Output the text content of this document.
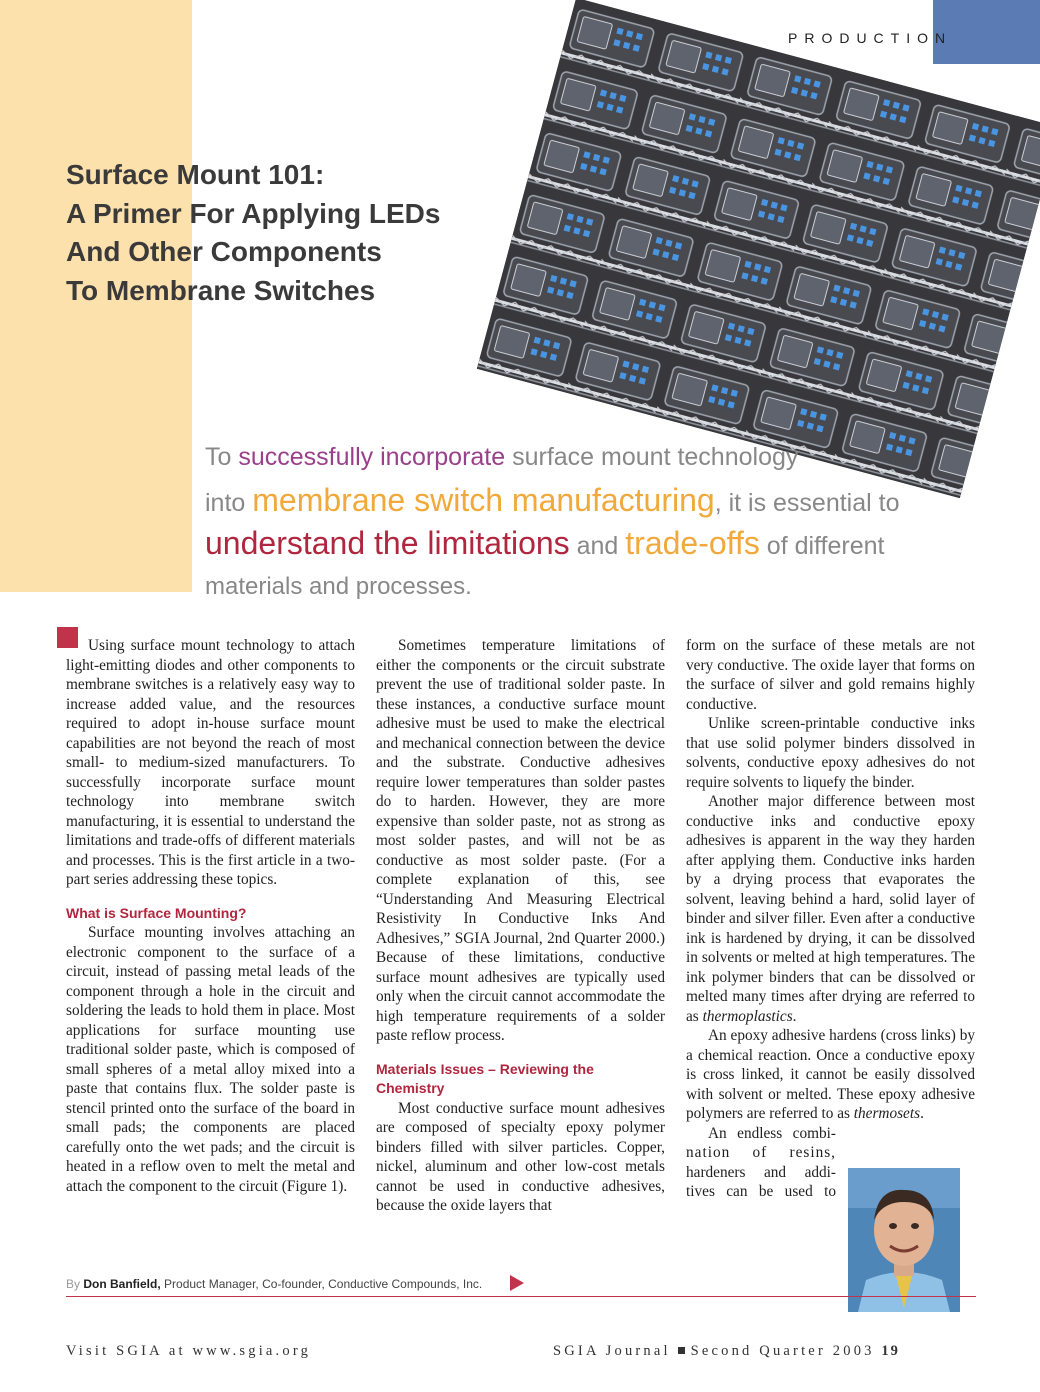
PRODUCTION
Surface Mount 101:
A Primer For Applying LEDs
And Other Components
To Membrane Switches
To successfully incorporate surface mount technology
into membrane switch manufacturing, it is essential to
understand the limitations and trade-offs of different
materials and processes.

Using surface mount technology to attach light-emitting diodes and other components to membrane switches is a relatively easy way to increase added value, and the resources required to adopt in-house surface mount capabilities are not beyond the reach of most small- to medium-sized manufacturers. To successfully incorporate surface mount technology into membrane switch manufacturing, it is essential to understand the limitations and trade-offs of different materials and processes. This is the first article in a two-part series addressing these topics.

What is Surface Mounting?

Surface mounting involves attaching an electronic component to the surface of a circuit, instead of passing metal leads of the component through a hole in the circuit and soldering the leads to hold them in place. Most applications for surface mounting use traditional solder paste, which is composed of small spheres of a metal alloy mixed into a paste that contains flux. The solder paste is stencil printed onto the surface of the board in small pads; the components are placed carefully onto the wet pads; and the circuit is heated in a reflow oven to melt the metal and attach the component to the circuit (Figure 1).

Sometimes temperature limitations of either the components or the circuit substrate prevent the use of traditional solder paste. In these instances, a conductive surface mount adhesive must be used to make the electrical and mechanical connection between the device and the substrate. Conductive adhesives require lower temperatures than solder pastes do to harden. However, they are more expensive than solder paste, not as strong as most solder pastes, and will not be as conductive as most solder paste. (For a complete explanation of this, see “Understanding And Measuring Electrical Resistivity In Conductive Inks And Adhesives,” SGIA Journal, 2nd Quarter 2000.) Because of these limitations, conductive surface mount adhesives are typically used only when the circuit cannot accommodate the high temperature requirements of a solder paste reflow process.

Materials Issues – Reviewing the Chemistry

Most conductive surface mount adhesives are composed of specialty epoxy polymer binders filled with silver particles. Copper, nickel, aluminum and other low-cost metals cannot be used in conductive adhesives, because the oxide layers that

form on the surface of these metals are not very conductive. The oxide layer that forms on the surface of silver and gold remains highly conductive.

Unlike screen-printable conductive inks that use solid polymer binders dissolved in solvents, conductive epoxy adhesives do not require solvents to liquefy the binder.

Another major difference between most conductive inks and conductive epoxy adhesives is apparent in the way they harden after applying them. Conductive inks harden by a drying process that evaporates the solvent, leaving behind a hard, solid layer of binder and silver filler. Even after a conductive ink is hardened by drying, it can be dissolved in solvents or melted at high temperatures. The ink polymer binders that can be dissolved or melted many times after drying are referred to as thermoplastics.

An epoxy adhesive hardens (cross links) by a chemical reaction. Once a conductive epoxy is cross linked, it cannot be easily dissolved with solvent or melted. These epoxy adhesive polymers are referred to as thermosets.

An endless combi-
nation of resins,
hardeners and addi-
tives can be used to
By Don Banfield, Product Manager, Co-founder, Conductive Compounds, Inc.
Visit SGIA at www.sgia.org	SGIA Journal Second Quarter 2003 19
